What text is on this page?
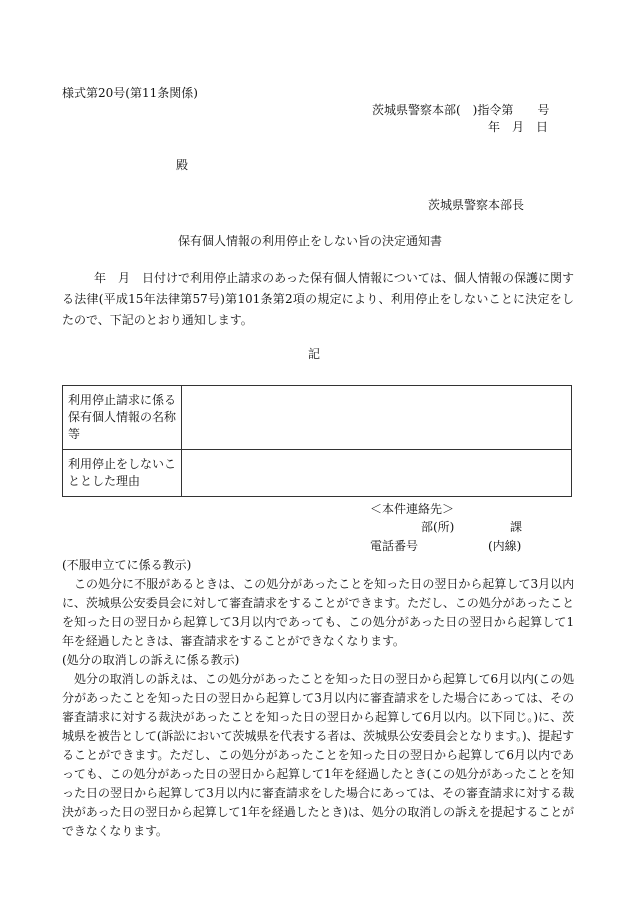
様式第20号(第11条関係)
茨城県警察本部(　)指令第　　号
年　月　日
殿
茨城県警察本部長
保有個人情報の利用停止をしない旨の決定通知書
年　月　日付けで利用停止請求のあった保有個人情報については、個人情報の保護に関する法律(平成15年法律第57号)第101条第2項の規定により、利用停止をしないことに決定をしたので、下記のとおり通知します。
記
利用停止請求に係る保有個人情報の名称等	
利用停止をしないこととした理由	
＜本件連絡先＞
部(所)	課
電話番号	(内線)
(不服申立てに係る教示)
この処分に不服があるときは、この処分があったことを知った日の翌日から起算して3月以内に、茨城県公安委員会に対して審査請求をすることができます。ただし、この処分があったことを知った日の翌日から起算して3月以内であっても、この処分があった日の翌日から起算して1年を経過したときは、審査請求をすることができなくなります。
(処分の取消しの訴えに係る教示)
処分の取消しの訴えは、この処分があったことを知った日の翌日から起算して6月以内(この処分があったことを知った日の翌日から起算して3月以内に審査請求をした場合にあっては、その審査請求に対する裁決があったことを知った日の翌日から起算して6月以内。以下同じ。)に、茨城県を被告として(訴訟において茨城県を代表する者は、茨城県公安委員会となります。)、提起することができます。ただし、この処分があったことを知った日の翌日から起算して6月以内であっても、この処分があった日の翌日から起算して1年を経過したとき(この処分があったことを知った日の翌日から起算して3月以内に審査請求をした場合にあっては、その審査請求に対する裁決があった日の翌日から起算して1年を経過したとき)は、処分の取消しの訴えを提起することができなくなります。
